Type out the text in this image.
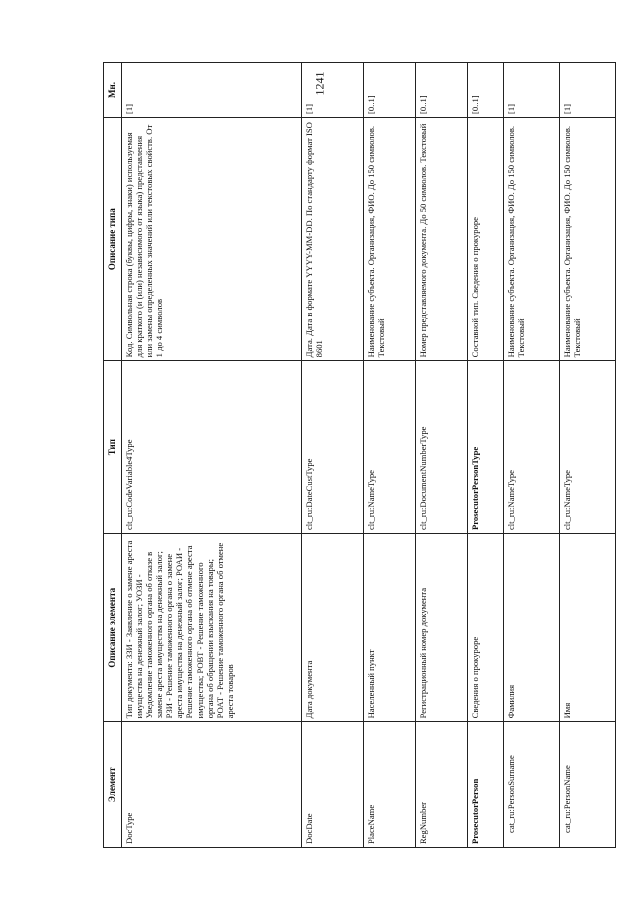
1241
Элемент	Описание элемента	Тип	Описание типа	Мн.
DocType	Тип документа: ЗЗИ - Заявление о замене ареста имущества на денежный залог; УОЗИ - Уведомление таможенного органа об отказе в замене ареста имущества на денежный залог; РЗИ - Решение таможенного органа о замене ареста имущества на денежный залог; РОАИ - Решение таможенного органа об отмене ареста имущества; РОВТ - Решение таможенного органа об обращении взыскания на товары; РОАТ - Решение таможенного органа об отмене ареста товаров	clt_ru:CodeVariable4Type	Код. Символьная строка (буквы, цифры, знаки) используемая для краткого (и (или) независимого от языка) представления или замены определенных значений или текстовых свойств. От 1 до 4 символов	[1]
DocDate	Дата документа	clt_ru:DateCustType	Дата. Дата в формате YYYY-MM-DD. По стандарту формат ISO 8601	[1]
PlaceName	Населенный пункт	clt_ru:NameType	Наименование субъекта. Организация, ФИО. До 150 символов. Текстовый	[0..1]
RegNumber	Регистрационный номер документа	clt_ru:DocumentNumberType	Номер представляемого документа. До 50 символов. Текстовый	[0..1]
ProsecutorPerson	Сведения о прокуроре	ProsecutorPersonType	Составной тип. Сведения о прокуроре	[0..1]
cat_ru:PersonSurname	Фамилия	clt_ru:NameType	Наименование субъекта. Организация, ФИО. До 150 символов. Текстовый	[1]
cat_ru:PersonName	Имя	clt_ru:NameType	Наименование субъекта. Организация, ФИО. До 150 символов. Текстовый	[1]
